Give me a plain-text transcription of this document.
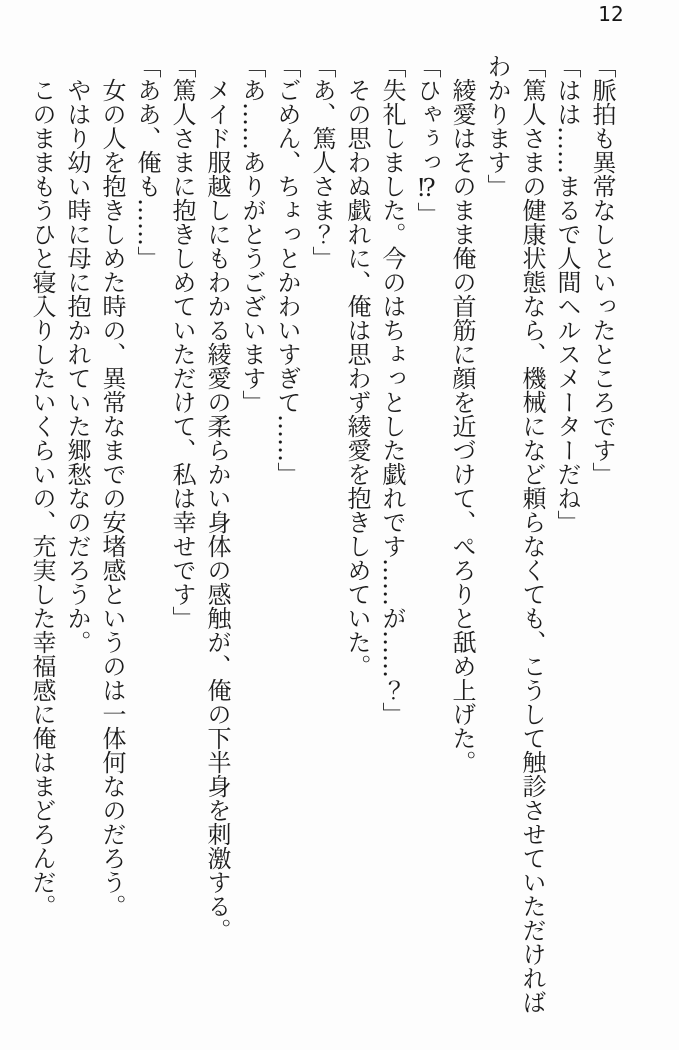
12

「脈拍も異常なしといったところです」

「はは……まるで人間ヘルスメーターだね」

「篤人さまの健康状態なら、機械になど頼らなくても、こうして触診させていただければ

わかります」

綾愛はそのまま俺の首筋に顔を近づけて、ぺろりと舐め上げた。

「ひゃぅっ⁉」

「失礼しました。今のはちょっとした戯れです……が……？」

その思わぬ戯れに、俺は思わず綾愛を抱きしめていた。

「あ、篤人さま？」

「ごめん、ちょっとかわいすぎて……」

「あ……ありがとうございます」

メイド服越しにもわかる綾愛の柔らかい身体の感触が、俺の下半身を刺激する。

「篤人さまに抱きしめていただけて、私は幸せです」

「ああ、俺も……」

女の人を抱きしめた時の、異常なまでの安堵感というのは一体何なのだろう。

やはり幼い時に母に抱かれていた郷愁なのだろうか。

このままもうひと寝入りしたいくらいの、充実した幸福感に俺はまどろんだ。
